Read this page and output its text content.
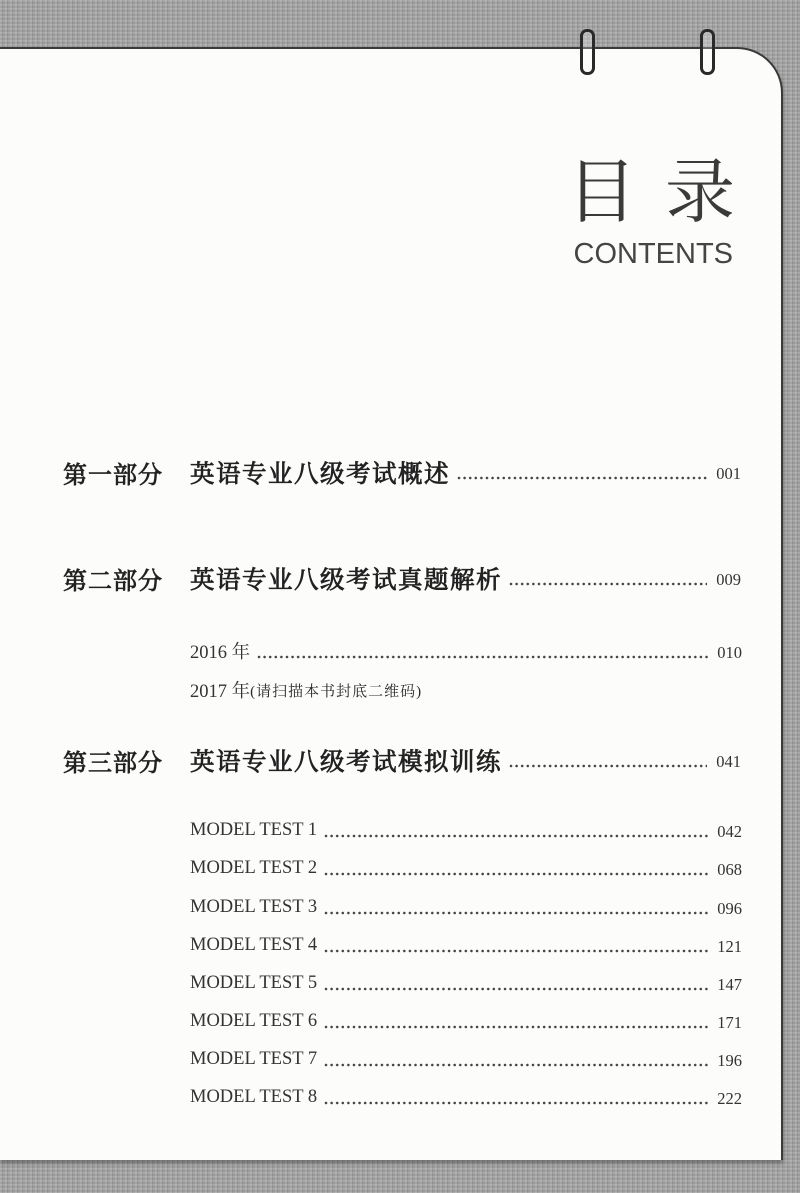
目 录
CONTENTS
第一部分	英语专业八级考试概述	001
第二部分	英语专业八级考试真题解析	009
2016 年	010
2017 年 (请扫描本书封底二维码)
第三部分	英语专业八级考试模拟训练	041
MODEL TEST 1	042
MODEL TEST 2	068
MODEL TEST 3	096
MODEL TEST 4	121
MODEL TEST 5	147
MODEL TEST 6	171
MODEL TEST 7	196
MODEL TEST 8	222
